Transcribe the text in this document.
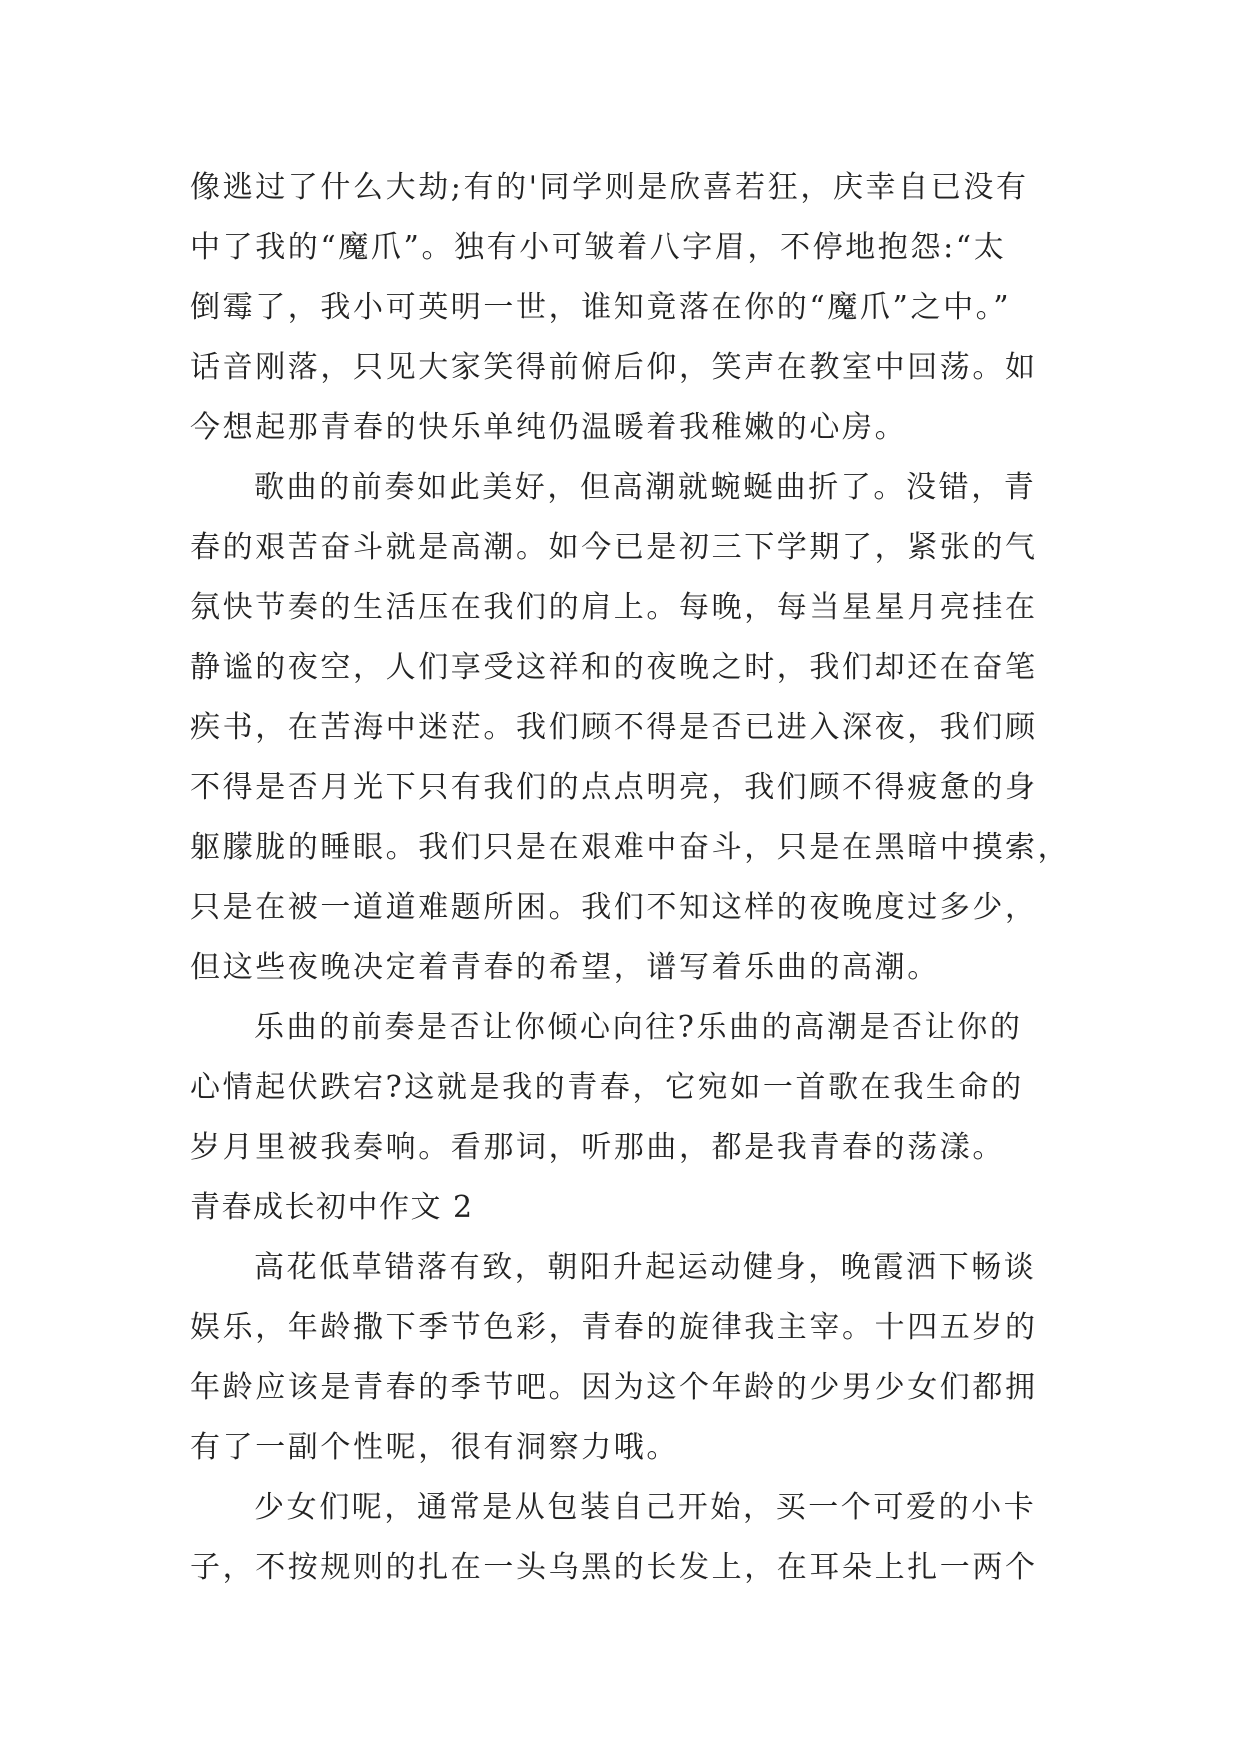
像逃过了什么大劫;有的'同学则是欣喜若狂，庆幸自已没有
中了我的“魔爪”。独有小可皱着八字眉，不停地抱怨:“太
倒霉了，我小可英明一世，谁知竟落在你的“魔爪”之中。”
话音刚落，只见大家笑得前俯后仰，笑声在教室中回荡。如
今想起那青春的快乐单纯仍温暖着我稚嫩的心房。
歌曲的前奏如此美好，但高潮就蜿蜒曲折了。没错，青
春的艰苦奋斗就是高潮。如今已是初三下学期了，紧张的气
氛快节奏的生活压在我们的肩上。每晚，每当星星月亮挂在
静谧的夜空，人们享受这祥和的夜晚之时，我们却还在奋笔
疾书，在苦海中迷茫。我们顾不得是否已进入深夜，我们顾
不得是否月光下只有我们的点点明亮，我们顾不得疲惫的身
躯朦胧的睡眼。我们只是在艰难中奋斗，只是在黑暗中摸索，
只是在被一道道难题所困。我们不知这样的夜晚度过多少，
但这些夜晚决定着青春的希望，谱写着乐曲的高潮。
乐曲的前奏是否让你倾心向往?乐曲的高潮是否让你的
心情起伏跌宕?这就是我的青春，它宛如一首歌在我生命的
岁月里被我奏响。看那词，听那曲，都是我青春的荡漾。
青春成长初中作文 2
高花低草错落有致，朝阳升起运动健身，晚霞洒下畅谈
娱乐，年龄撒下季节色彩，青春的旋律我主宰。十四五岁的
年龄应该是青春的季节吧。因为这个年龄的少男少女们都拥
有了一副个性呢，很有洞察力哦。
少女们呢，通常是从包装自己开始，买一个可爱的小卡
子，不按规则的扎在一头乌黑的长发上，在耳朵上扎一两个
